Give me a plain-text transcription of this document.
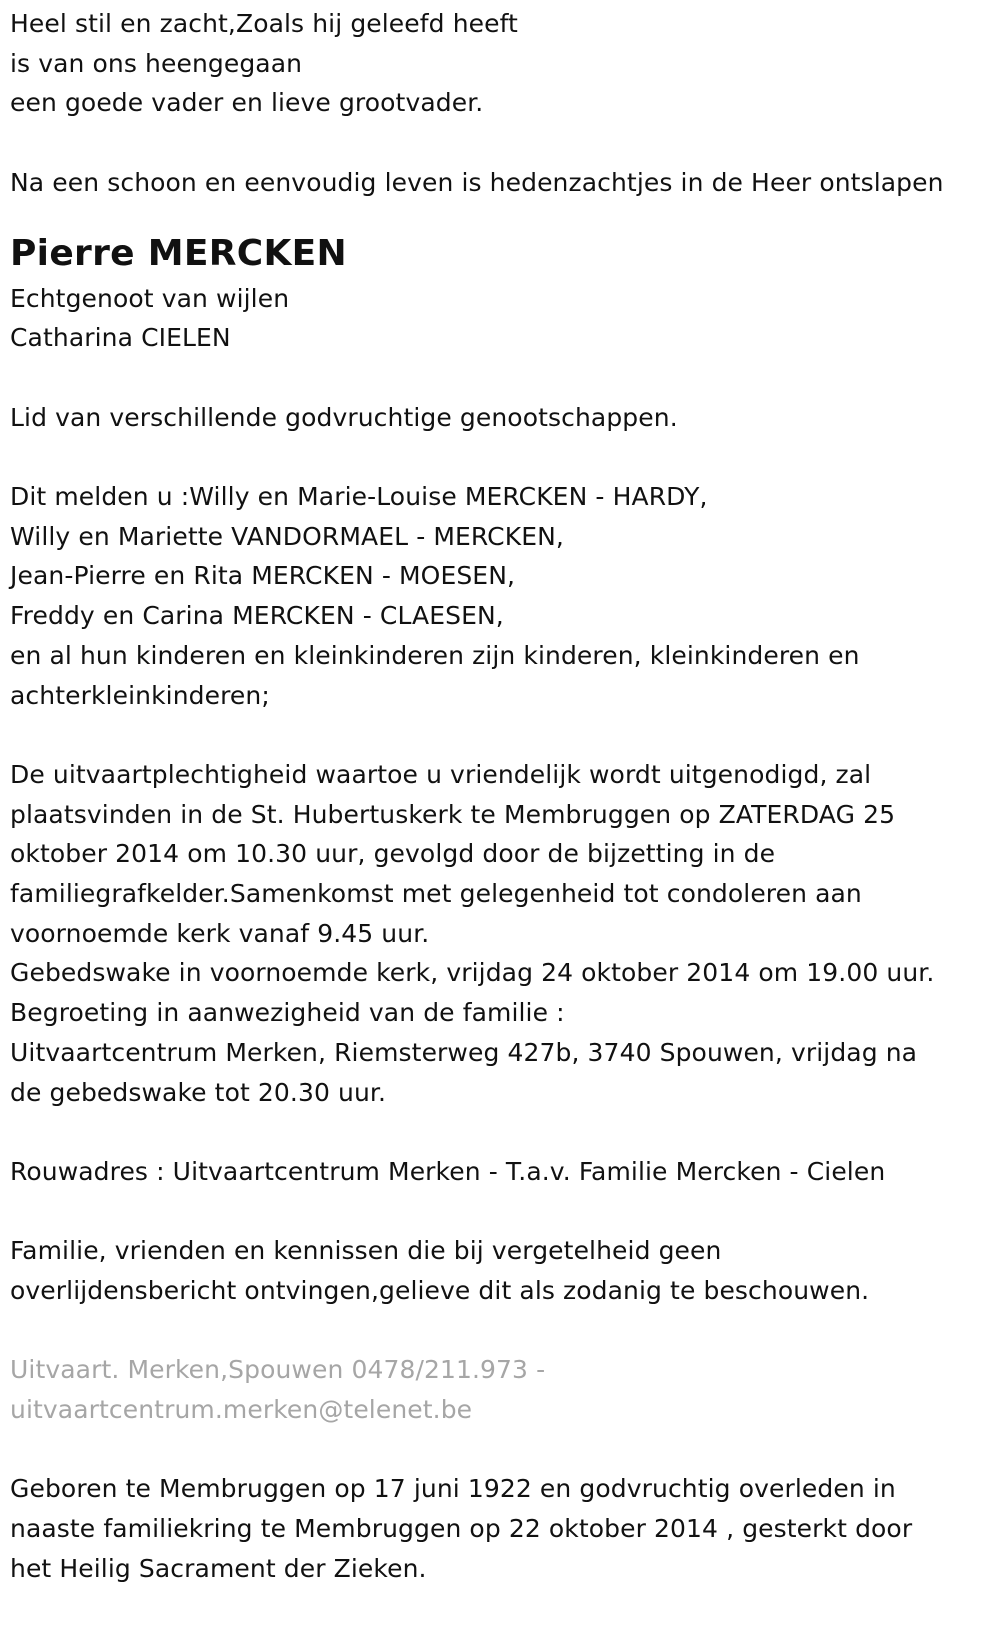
Heel stil en zacht,Zoals hij geleefd heeft
is van ons heengegaan
een goede vader en lieve grootvader.
Na een schoon en eenvoudig leven is hedenzachtjes in de Heer ontslapen
Pierre MERCKEN
Echtgenoot van wijlen
Catharina CIELEN
Lid van verschillende godvruchtige genootschappen.
Dit melden u :Willy en Marie-Louise MERCKEN - HARDY,
Willy en Mariette VANDORMAEL - MERCKEN,
Jean-Pierre en Rita MERCKEN - MOESEN,
Freddy en Carina MERCKEN - CLAESEN,
en al hun kinderen en kleinkinderen zijn kinderen, kleinkinderen en
achterkleinkinderen;
De uitvaartplechtigheid waartoe u vriendelijk wordt uitgenodigd, zal
plaatsvinden in de St. Hubertuskerk te Membruggen op ZATERDAG 25
oktober 2014 om 10.30 uur, gevolgd door de bijzetting in de
familiegrafkelder.Samenkomst met gelegenheid tot condoleren aan
voornoemde kerk vanaf 9.45 uur.
Gebedswake in voornoemde kerk, vrijdag 24 oktober 2014 om 19.00 uur.
Begroeting in aanwezigheid van de familie :
Uitvaartcentrum Merken, Riemsterweg 427b, 3740 Spouwen, vrijdag na
de gebedswake tot 20.30 uur.
Rouwadres : Uitvaartcentrum Merken - T.a.v. Familie Mercken - Cielen
Familie, vrienden en kennissen die bij vergetelheid geen
overlijdensbericht ontvingen,gelieve dit als zodanig te beschouwen.
Uitvaart. Merken,Spouwen 0478/211.973 -
uitvaartcentrum.merken@telenet.be
Geboren te Membruggen op 17 juni 1922 en godvruchtig overleden in
naaste familiekring te Membruggen op 22 oktober 2014 , gesterkt door
het Heilig Sacrament der Zieken.
